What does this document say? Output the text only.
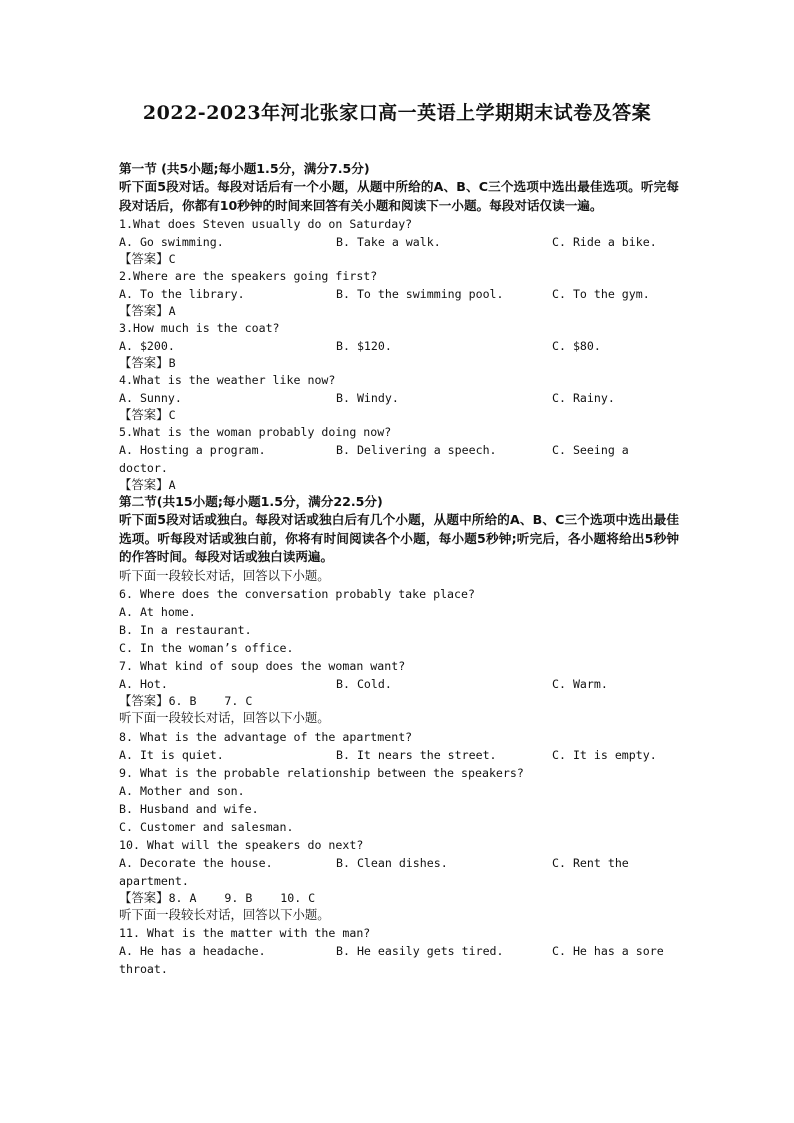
2022-2023年河北张家口高一英语上学期期末试卷及答案
第一节 (共5小题;每小题1.5分，满分7.5分)
听下面5段对话。每段对话后有一个小题，从题中所给的A、B、C三个选项中选出最佳选项。听完每段对话后，你都有10秒钟的时间来回答有关小题和阅读下一小题。每段对话仅读一遍。
1.What does Steven usually do on Saturday?
A. Go swimming.	B. Take a walk.	C. Ride a bike.
【答案】C
2.Where are the speakers going first?
A. To the library.	B. To the swimming pool.	C. To the gym.
【答案】A
3.How much is the coat?
A. $200.	B. $120.	C. $80.
【答案】B
4.What is the weather like now?
A. Sunny.	B. Windy.	C. Rainy.
【答案】C
5.What is the woman probably doing now?
A. Hosting a program.	B. Delivering a speech.	C. Seeing a
doctor.
【答案】A
第二节(共15小题;每小题1.5分，满分22.5分)
听下面5段对话或独白。每段对话或独白后有几个小题，从题中所给的A、B、C三个选项中选出最佳选项。听每段对话或独白前，你将有时间阅读各个小题，每小题5秒钟;听完后，各小题将给出5秒钟的作答时间。每段对话或独白读两遍。
听下面一段较长对话，回答以下小题。
6. Where does the conversation probably take place?
A. At home.
B. In a restaurant.
C. In the woman’s office.
7. What kind of soup does the woman want?
A. Hot.	B. Cold.	C. Warm.
【答案】6. B    7. C
听下面一段较长对话，回答以下小题。
8. What is the advantage of the apartment?
A. It is quiet.	B. It nears the street.	C. It is empty.
9. What is the probable relationship between the speakers?
A. Mother and son.
B. Husband and wife.
C. Customer and salesman.
10. What will the speakers do next?
A. Decorate the house.	B. Clean dishes.	C. Rent the
apartment.
【答案】8. A    9. B    10. C
听下面一段较长对话，回答以下小题。
11. What is the matter with the man?
A. He has a headache.	B. He easily gets tired.	C. He has a sore
throat.
